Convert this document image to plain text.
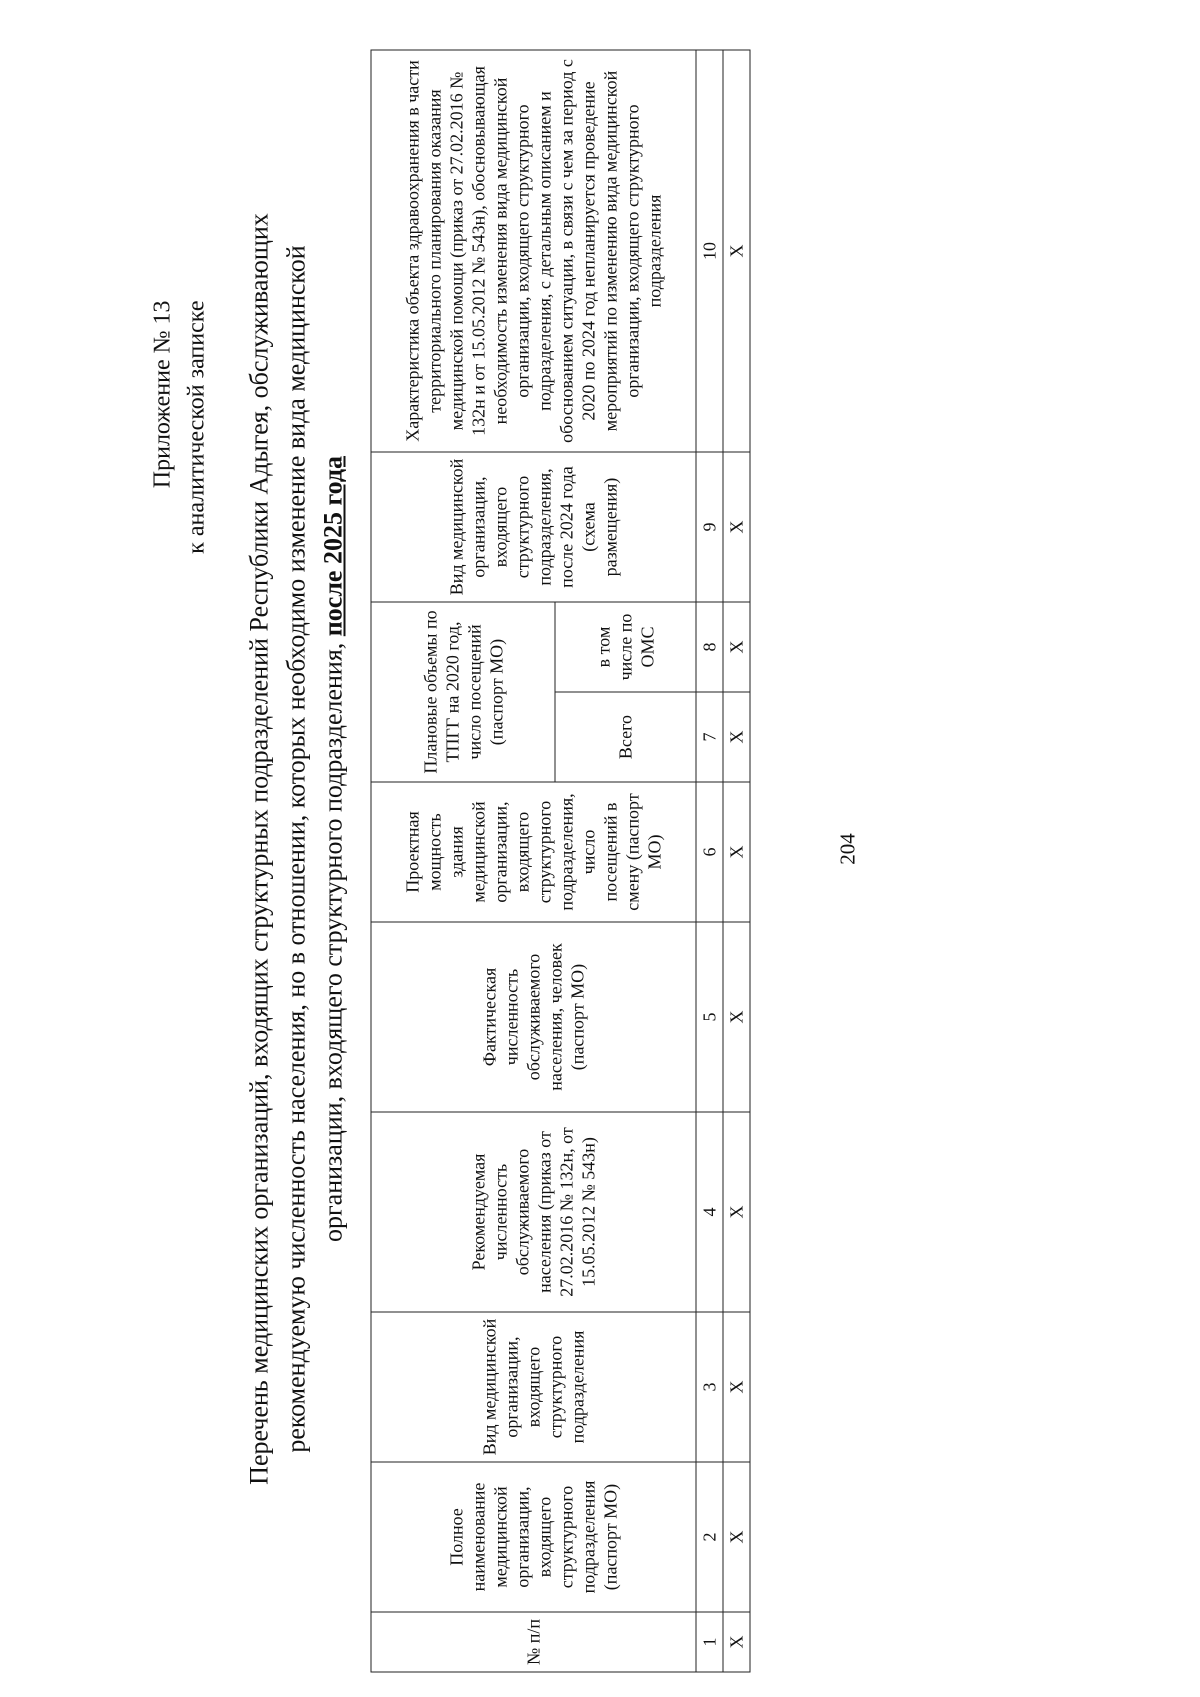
204
Приложение № 13 к аналитической записке Перечень медицинских организаций, входящих структурных подразделений Республики Адыгея, обслуживающих рекомендуемую численность населения, но в отношении, которых необходимо изменение вида медицинской организации, входящего структурного подразделения, после 2025 года
№ п/п	Полное наименование медицинской организации, входящего структурного подразделения (паспорт МО)	Вид медицинской организации, входящего структурного подразделения	Рекомендуемая численность обслуживаемого населения (приказ от 27.02.2016 № 132н, от 15.05.2012 № 543н)	Фактическая численность обслуживаемого населения, человек (паспорт МО)	Проектная мощность здания медицинской организации, входящего структурного подразделения, число посещений в смену (паспорт МО)	Плановые объемы по ТПГГ на 2020 год, число посещений (паспорт МО)		Вид медицинской организации, входящего структурного подразделения, после 2024 года (схема размещения)	Характеристика объекта здравоохранения в части территориального планирования оказания медицинской помощи (приказ от 27.02.2016 № 132н и от 15.05.2012 № 543н), обосновывающая необходимость изменения вида медицинской организации, входящего структурного подразделения, с детальным описанием и обоснованием ситуации, в связи с чем за период с 2020 по 2024 год непланируется проведение мероприятий по изменению вида медицинской организации, входящего структурного подразделения
						Всего	в том числе по ОМС		
1	2	3	4	5	6	7	8	9	10
X	X	X	X	X	X	X	X	X	X
